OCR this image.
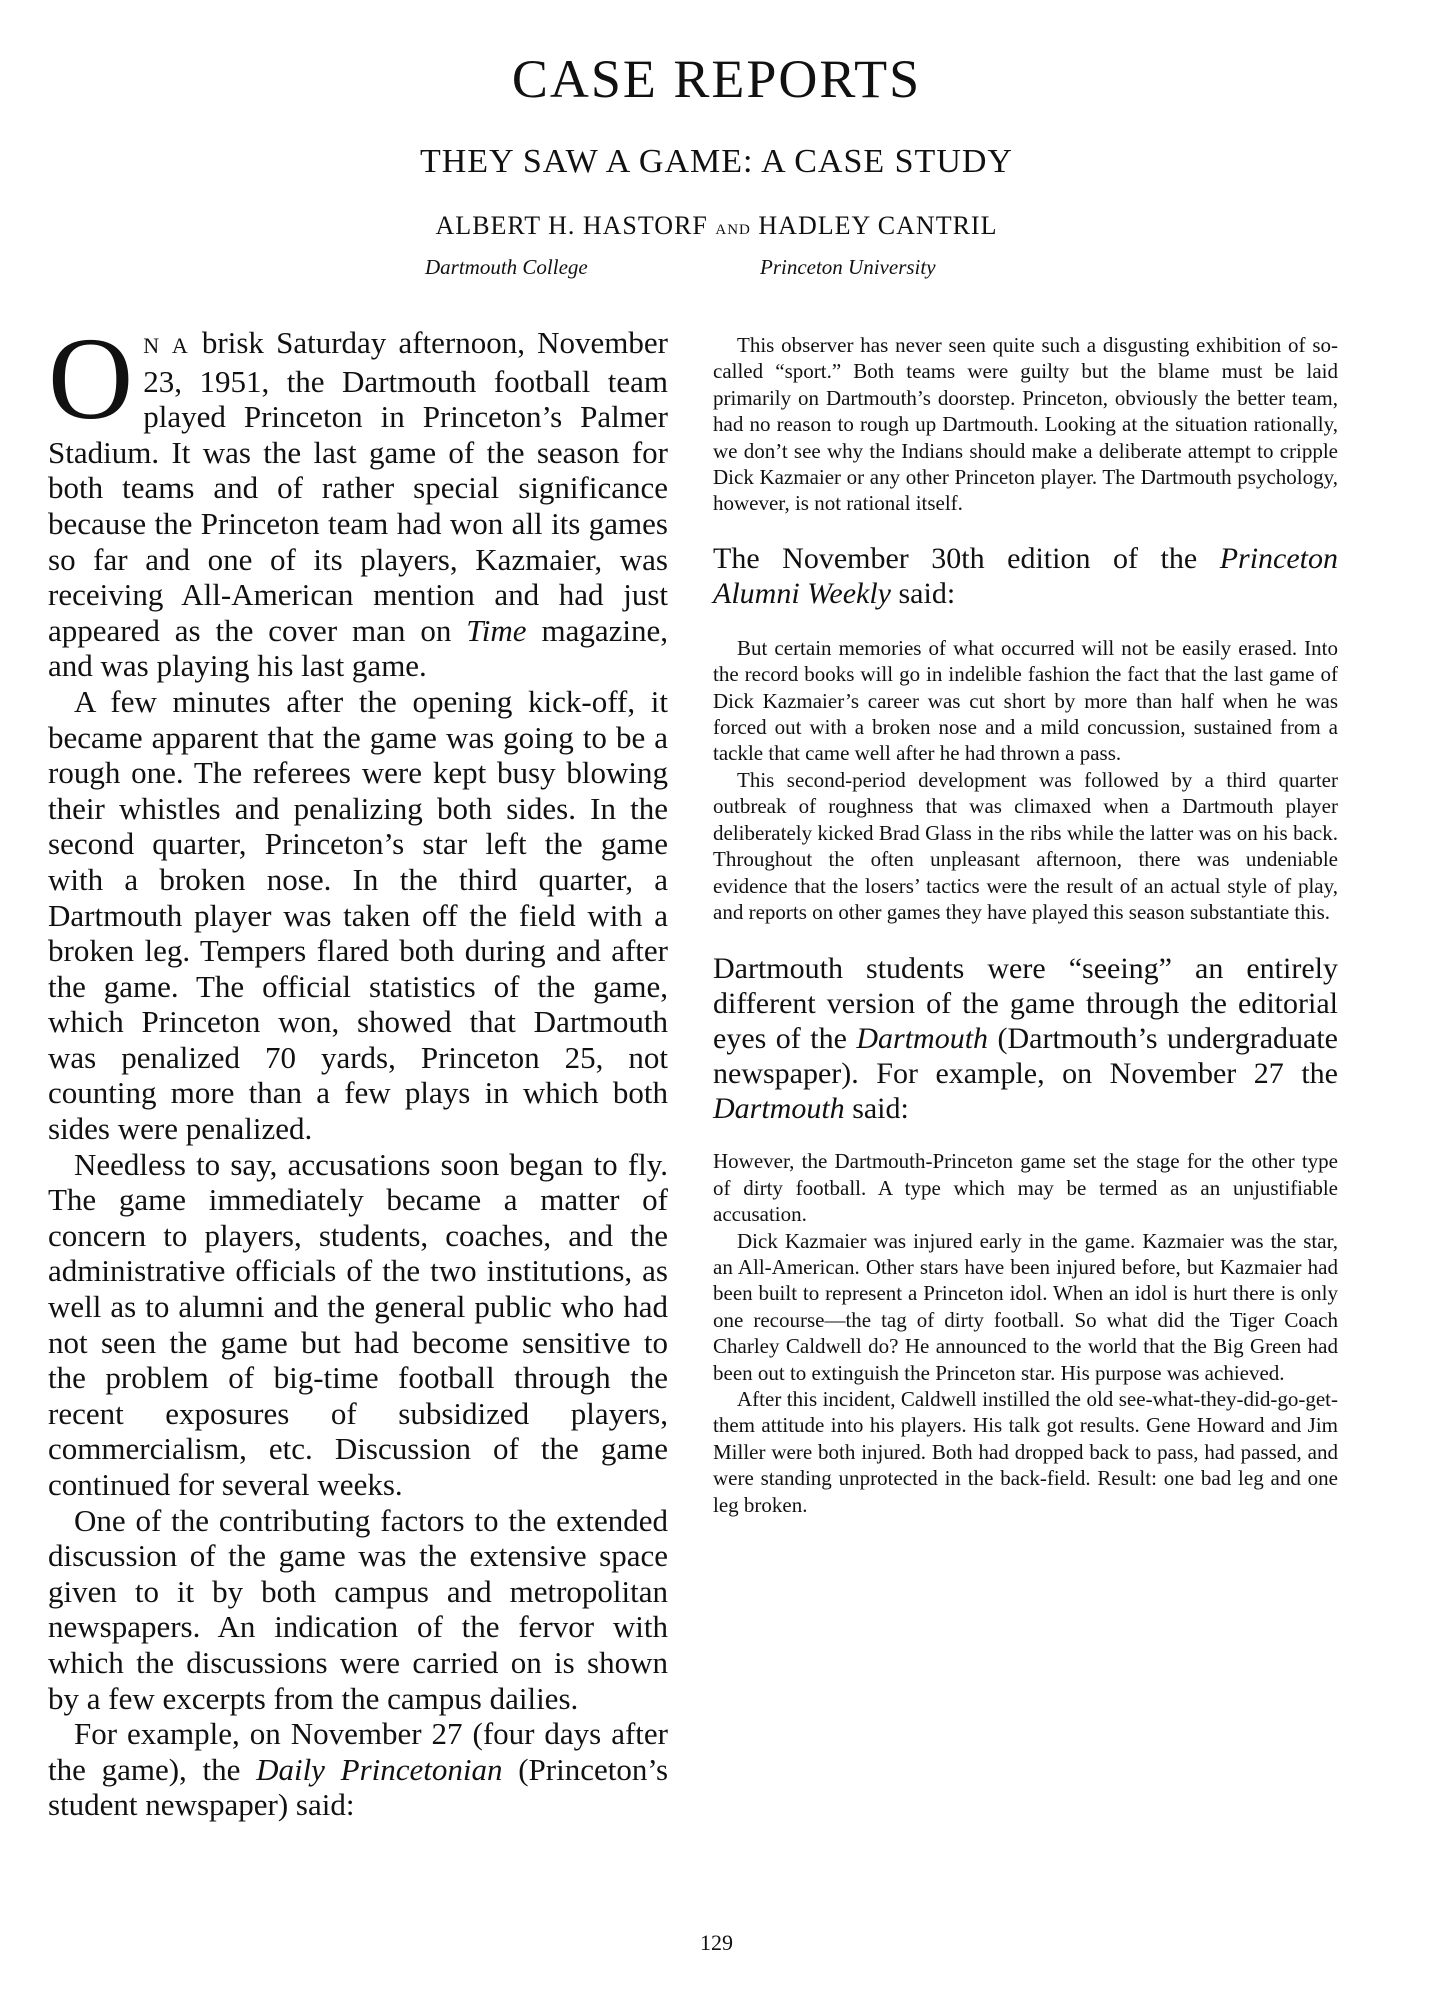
CASE REPORTS
THEY SAW A GAME: A CASE STUDY
ALBERT H. HASTORF AND HADLEY CANTRIL
Dartmouth College	Princeton University

O N A brisk Saturday afternoon, November 23, 1951, the Dartmouth football team played Princeton in Princeton’s Palmer Stadium. It was the last game of the season for both teams and of rather special significance because the Princeton team had won all its games so far and one of its players, Kazmaier, was receiving All-American mention and had just appeared as the cover man on Time magazine, and was playing his last game.

A few minutes after the opening kick-off, it became apparent that the game was going to be a rough one. The referees were kept busy blowing their whistles and penalizing both sides. In the second quarter, Princeton’s star left the game with a broken nose. In the third quarter, a Dartmouth player was taken off the field with a broken leg. Tempers flared both during and after the game. The official statistics of the game, which Princeton won, showed that Dartmouth was penalized 70 yards, Princeton 25, not counting more than a few plays in which both sides were penalized.

Needless to say, accusations soon began to fly. The game immediately became a matter of concern to players, students, coaches, and the administrative officials of the two institutions, as well as to alumni and the general public who had not seen the game but had become sensitive to the problem of big-time football through the recent exposures of subsidized players, commercialism, etc. Discussion of the game continued for several weeks.

One of the contributing factors to the extended discussion of the game was the extensive space given to it by both campus and metropolitan newspapers. An indication of the fervor with which the discussions were carried on is shown by a few excerpts from the campus dailies.

For example, on November 27 (four days after the game), the Daily Princetonian (Princeton’s student newspaper) said:

This observer has never seen quite such a disgusting exhibition of so-called “sport.” Both teams were guilty but the blame must be laid primarily on Dartmouth’s doorstep. Princeton, obviously the better team, had no reason to rough up Dartmouth. Looking at the situation rationally, we don’t see why the Indians should make a deliberate attempt to cripple Dick Kazmaier or any other Princeton player. The Dartmouth psychology, however, is not rational itself.

The November 30th edition of the Princeton Alumni Weekly said:

But certain memories of what occurred will not be easily erased. Into the record books will go in indelible fashion the fact that the last game of Dick Kazmaier’s career was cut short by more than half when he was forced out with a broken nose and a mild concussion, sustained from a tackle that came well after he had thrown a pass.

This second-period development was followed by a third quarter outbreak of roughness that was climaxed when a Dartmouth player deliberately kicked Brad Glass in the ribs while the latter was on his back. Throughout the often unpleasant afternoon, there was undeniable evidence that the losers’ tactics were the result of an actual style of play, and reports on other games they have played this season substantiate this.

Dartmouth students were “seeing” an entirely different version of the game through the editorial eyes of the Dartmouth (Dartmouth’s undergraduate newspaper). For example, on November 27 the Dartmouth said:

However, the Dartmouth-Princeton game set the stage for the other type of dirty football. A type which may be termed as an unjustifiable accusation.

Dick Kazmaier was injured early in the game. Kazmaier was the star, an All-American. Other stars have been injured before, but Kazmaier had been built to represent a Princeton idol. When an idol is hurt there is only one recourse—the tag of dirty football. So what did the Tiger Coach Charley Caldwell do? He announced to the world that the Big Green had been out to extinguish the Princeton star. His purpose was achieved.

After this incident, Caldwell instilled the old see-what-they-did-go-get-them attitude into his players. His talk got results. Gene Howard and Jim Miller were both injured. Both had dropped back to pass, had passed, and were standing unprotected in the back-field. Result: one bad leg and one leg broken.

129
